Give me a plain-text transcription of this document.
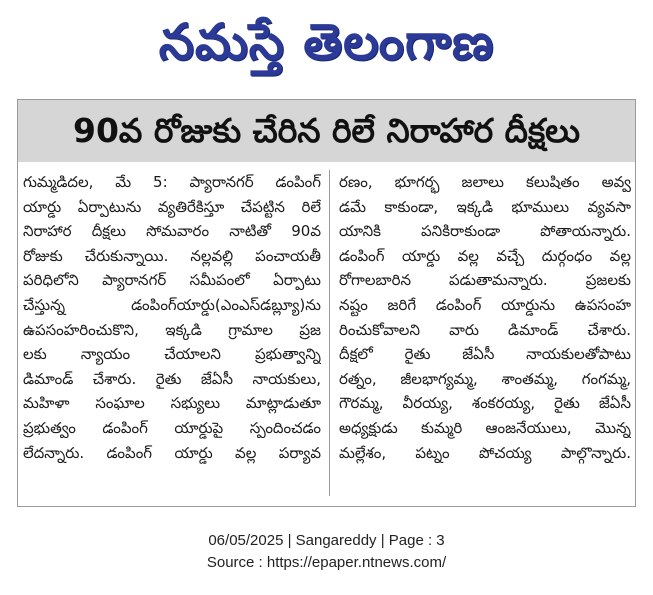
నమస్తే తెలంగాణ
90వ రోజుకు చేరిన రిలే నిరాహార దీక్షలు
గుమ్మడిదల, మే 5: ప్యారానగర్ డంపింగ్
యార్డు ఏర్పాటును వ్యతిరేకిస్తూ చేపట్టిన రిలే
నిరాహార దీక్షలు సోమవారం నాటితో 90వ
రోజుకు చేరుకున్నాయి. నల్లవల్లి పంచాయతీ
పరిధిలోని ప్యారానగర్ సమీపంలో ఏర్పాటు
చేస్తున్న డంపింగ్‌యార్డు(ఎంఎస్‌డబ్ల్యూ)ను
ఉపసంహరించుకొని, ఇక్కడి గ్రామాల ప్రజ
లకు న్యాయం చేయాలని ప్రభుత్వాన్ని
డిమాండ్ చేశారు. రైతు జేఏసీ నాయకులు,
మహిళా సంఘాల సభ్యులు మాట్లాడుతూ
ప్రభుత్వం డంపింగ్ యార్డుపై స్పందించడం
లేదన్నారు. డంపింగ్ యార్డు వల్ల పర్యావ
రణం, భూగర్భ జలాలు కలుషితం అవ్వ
డమే కాకుండా, ఇక్కడి భూములు వ్యవసా
యానికి పనికిరాకుండా పోతాయన్నారు.
డంపింగ్ యార్డు వల్ల వచ్చే దుర్గంధం వల్ల
రోగాలబారిన పడుతామన్నారు. ప్రజలకు
నష్టం జరిగే డంపింగ్ యార్డును ఉపసంహ
రించుకోవాలని వారు డిమాండ్ చేశారు.
దీక్షలో రైతు జేఏసీ నాయకులతోపాటు
రత్నం, జీలభాగ్యమ్మ, శాంతమ్మ, గంగమ్మ,
గౌరమ్మ, వీరయ్య, శంకరయ్య, రైతు జేఏసీ
అధ్యక్షుడు కుమ్మరి ఆంజనేయులు, మొన్న
మల్లేశం, పట్నం పోచయ్య పాల్గొన్నారు.
06/05/2025 | Sangareddy | Page : 3
Source : https://epaper.ntnews.com/
